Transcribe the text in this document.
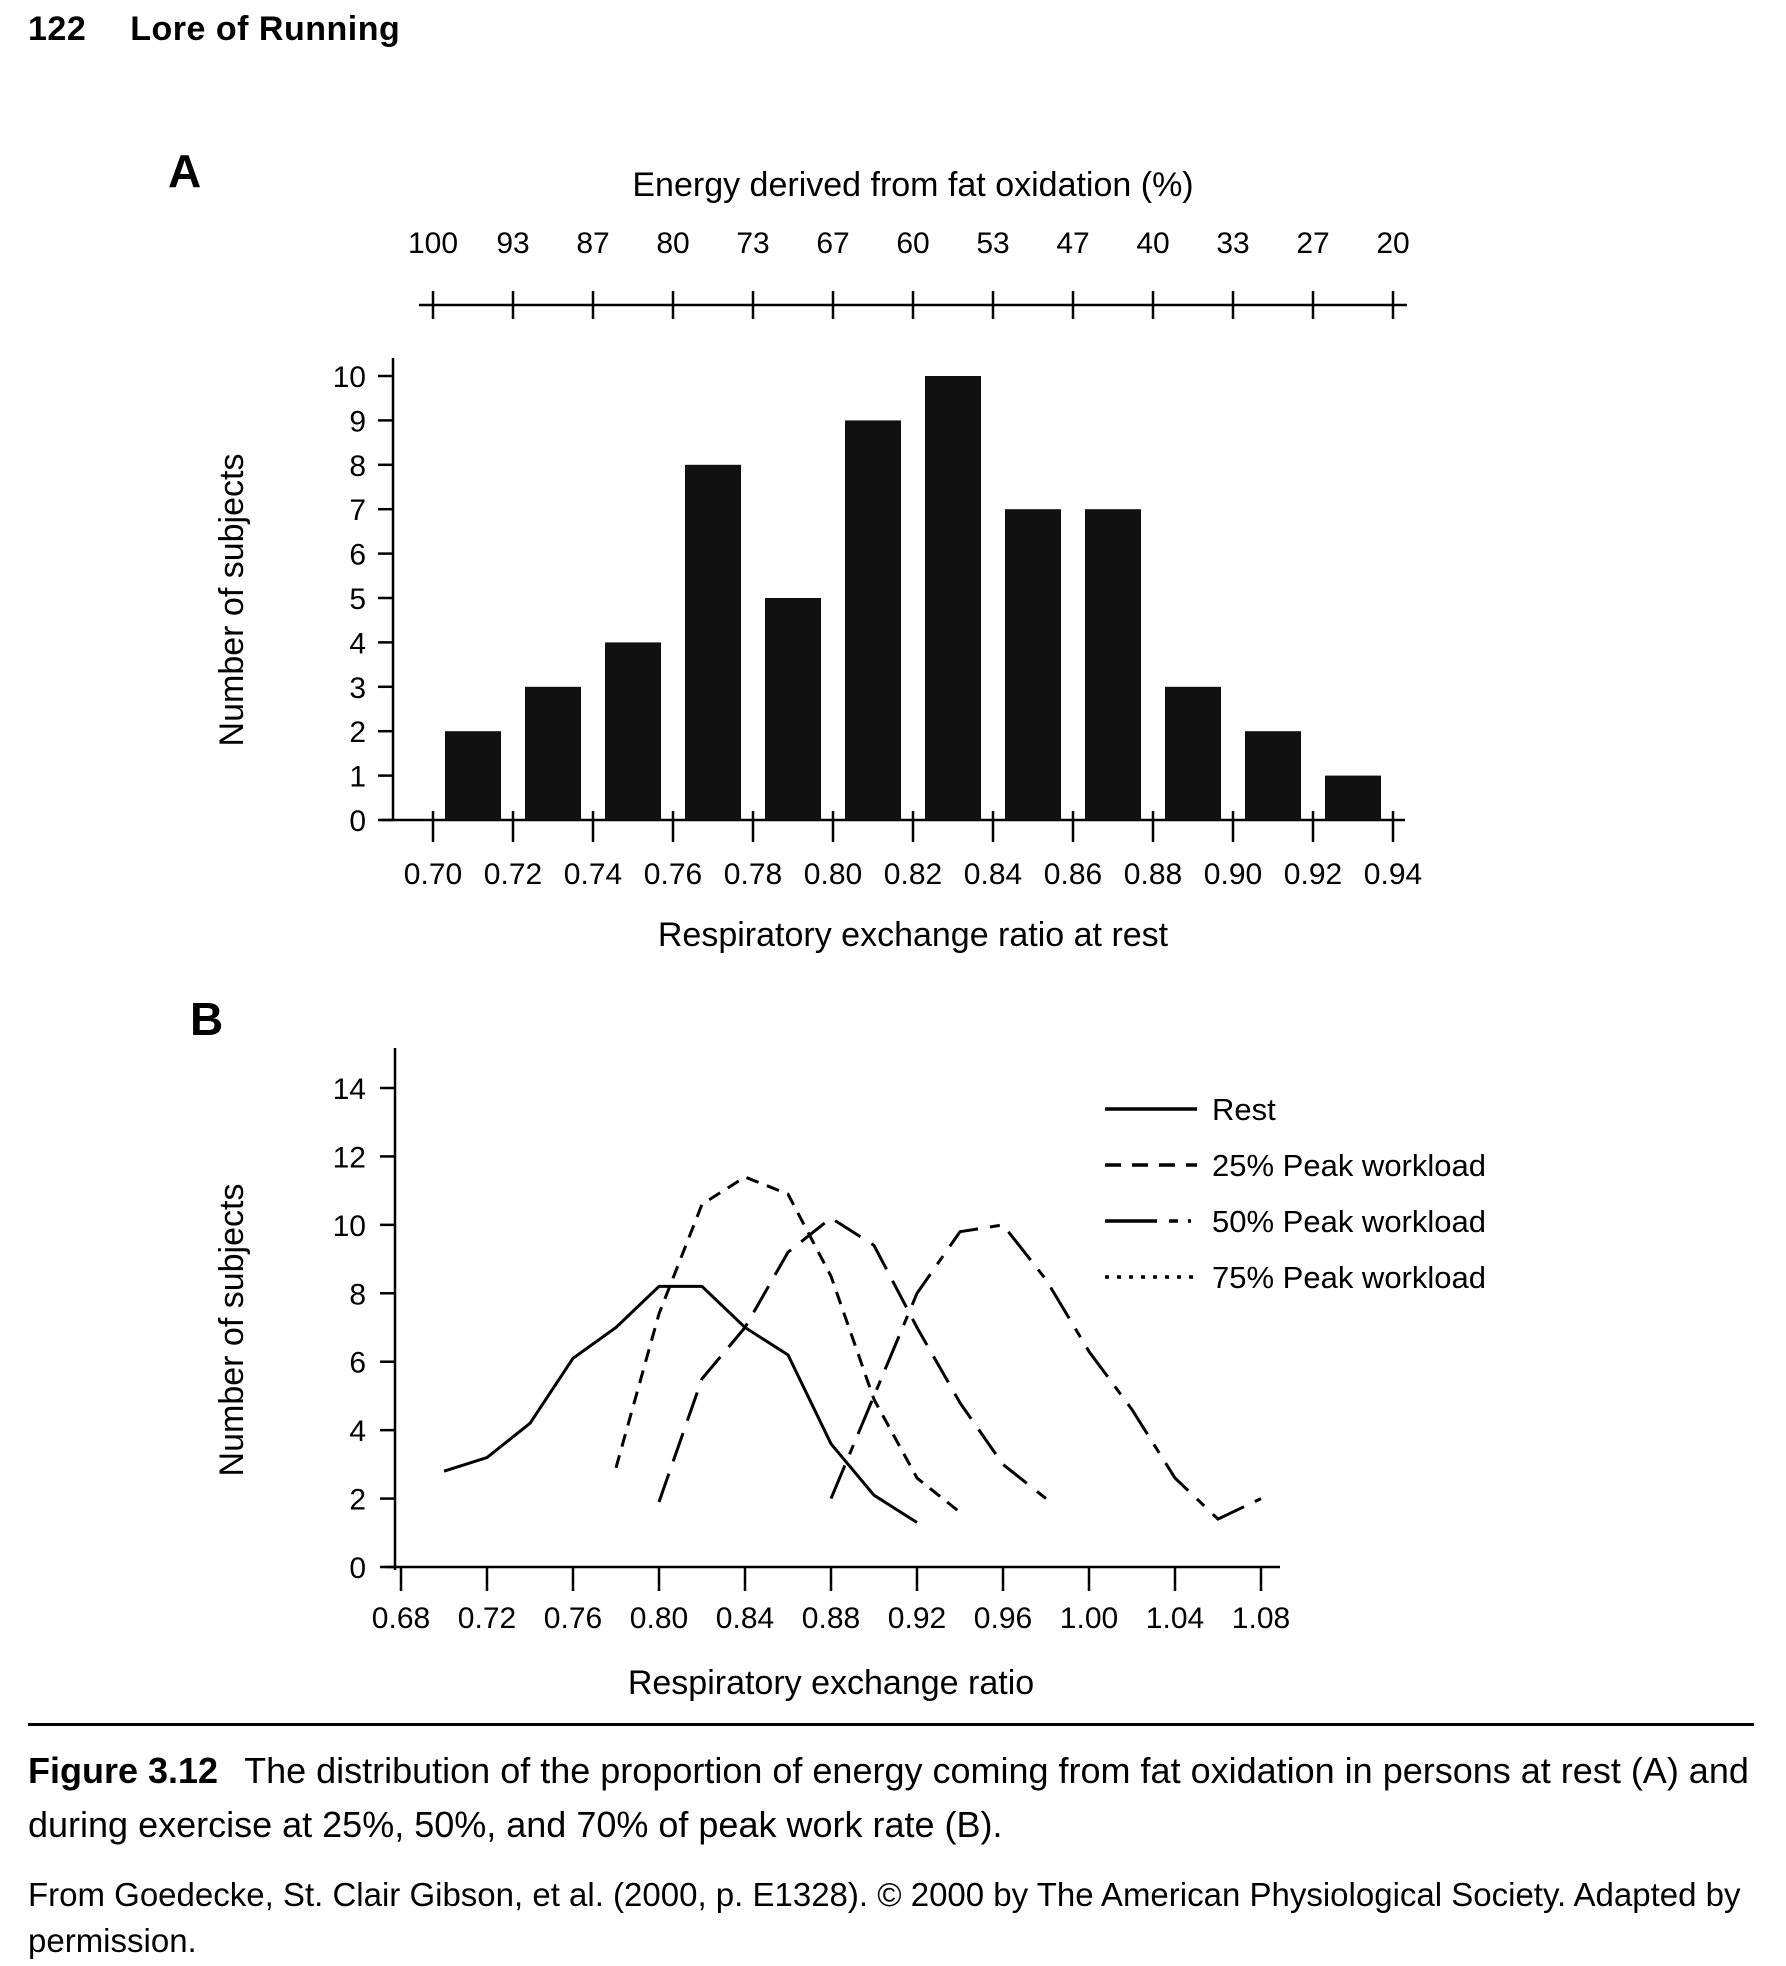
122 Lore of Running
A	Energy derived from fat oxidation (%)
100 93 87 80 73 67 60 53 47 40 33 27 20
0
1
2
3
4
5
6
7
8
9
10
0.70 0.72 0.74 0.76 0.78 0.80 0.82 0.84 0.86 0.88 0.90 0.92 0.94
Respiratory exchange ratio at rest
Number of subjects
B
0
2
4
6
8
10
12
14
0.68 0.72 0.76 0.80 0.84 0.88 0.92 0.96 1.00 1.04 1.08
Rest
25% Peak workload
50% Peak workload
75% Peak workload
Respiratory exchange ratio
Number of subjects

Figure 3.12 The distribution of the proportion of energy coming from fat oxidation in persons at rest (A) and during exercise at 25%, 50%, and 70% of peak work rate (B).

From Goedecke, St. Clair Gibson, et al. (2000, p. E1328). © 2000 by The American Physiological Society. Adapted by permission.
